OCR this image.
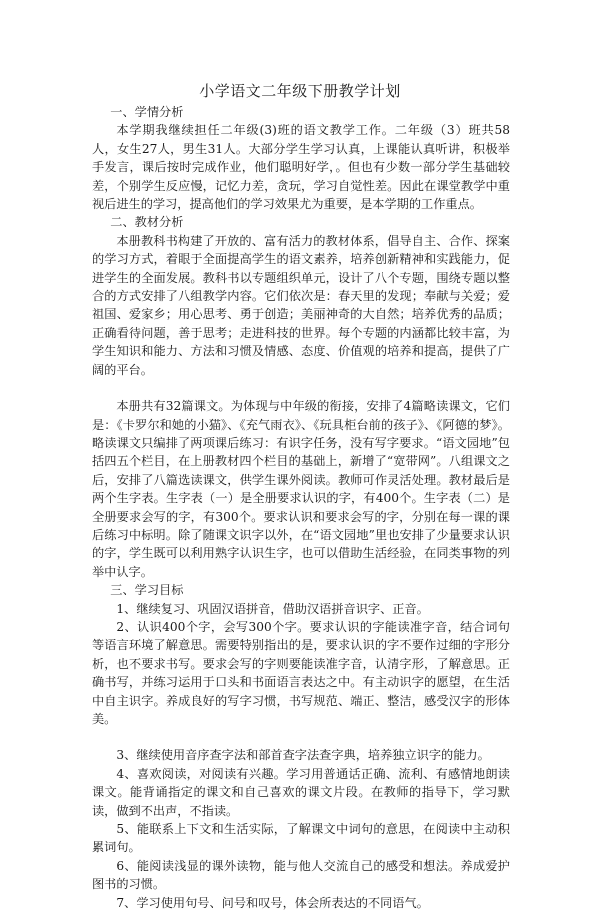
小学语文二年级下册教学计划
一、学情分析

本学期我继续担任二年级(3)班的语文教学工作。二年级（3）班共58人，女生27人，男生31人。大部分学生学习认真，上课能认真听讲，积极举手发言，课后按时完成作业，他们聪明好学，。但也有少数一部分学生基础较差，个别学生反应慢，记忆力差，贪玩，学习自觉性差。因此在课堂教学中重视后进生的学习，提高他们的学习效果尤为重要，是本学期的工作重点。

二、教材分析

本册教科书构建了开放的、富有活力的教材体系，倡导自主、合作、探案的学习方式，着眼于全面提高学生的语文素养，培养创新精神和实践能力，促进学生的全面发展。教科书以专题组织单元，设计了八个专题，围绕专题以整合的方式安排了八组教学内容。它们依次是：春天里的发现；奉献与关爱；爱祖国、爱家乡；用心思考、勇于创造；美丽神奇的大自然；培养优秀的品质；正确看待问题，善于思考；走进科技的世界。每个专题的内涵都比较丰富，为学生知识和能力、方法和习惯及情感、态度、价值观的培养和提高，提供了广阔的平台。

本册共有32篇课文。为体现与中年级的衔接，安排了4篇略读课文，它们是：《卡罗尔和她的小猫》、《充气雨衣》、《玩具柜台前的孩子》、《阿德的梦》。略读课文只编排了两项课后练习：有识字任务，没有写字要求。“语文园地”包括四五个栏目，在上册教材四个栏目的基础上，新增了“宽带网”。八组课文之后，安排了八篇选读课文，供学生课外阅读。教师可作灵活处理。教材最后是两个生字表。生字表（一）是全册要求认识的字，有400个。生字表（二）是全册要求会写的字，有300个。要求认识和要求会写的字，分别在每一课的课后练习中标明。除了随课文识字以外，在“语文园地”里也安排了少量要求认识的字，学生既可以利用熟字认识生字，也可以借助生活经验，在同类事物的列举中认字。

三、学习目标

1、继续复习、巩固汉语拼音，借助汉语拼音识字、正音。

2、认识400个字，会写300个字。要求认识的字能读准字音，结合词句等语言环境了解意思。需要特别指出的是，要求认识的字不要作过细的字形分析，也不要求书写。要求会写的字则要能读准字音，认清字形，了解意思。正确书写，并练习运用于口头和书面语言表达之中。有主动识字的愿望，在生活中自主识字。养成良好的写字习惯，书写规范、端正、整洁，感受汉字的形体美。

3、继续使用音序查字法和部首查字法查字典，培养独立识字的能力。

4、喜欢阅读，对阅读有兴趣。学习用普通话正确、流利、有感情地朗读课文。能背诵指定的课文和自己喜欢的课文片段。在教师的指导下，学习默读，做到不出声，不指读。

5、能联系上下文和生活实际，了解课文中词句的意思，在阅读中主动积累词句。

6、能阅读浅显的课外读物，能与他人交流自己的感受和想法。养成爱护图书的习惯。

7、学习使用句号、问号和叹号，体会所表达的不同语气。
